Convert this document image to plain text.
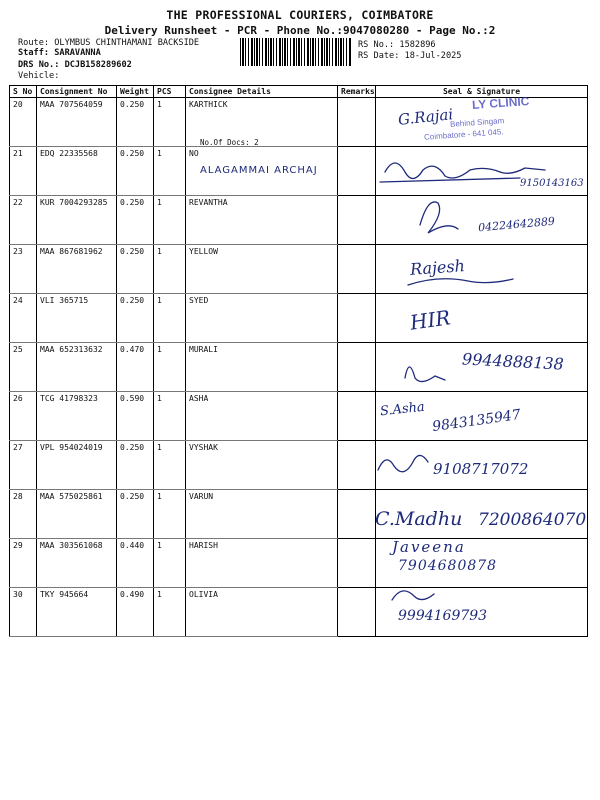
THE PROFESSIONAL COURIERS, COIMBATORE
Delivery Runsheet - PCR - Phone No.:9047080280 - Page No.:2
Route: OLYMBUS CHINTHAMANI BACKSIDE
Staff: SARAVANNA
DRS No.: DCJB158289602
Vehicle:
RS No.: 1582896
RS Date: 18-Jul-2025
S No	Consignment No	Weight	PCS	Consignee Details	Remarks	Seal & Signature
20	MAA 707564059	0.250	1	KARTHICK		
21	EDQ 22335568	0.250	1	NO		
22	KUR 7004293285	0.250	1	REVANTHA		
23	MAA 867681962	0.250	1	YELLOW		
24	VLI 365715	0.250	1	SYED		
25	MAA 652313632	0.470	1	MURALI		
26	TCG 41798323	0.590	1	ASHA		
27	VPL 954024019	0.250	1	VYSHAK		
28	MAA 575025861	0.250	1	VARUN		
29	MAA 303561068	0.440	1	HARISH		
30	TKY 945664	0.490	1	OLIVIA		
No.Of Docs: 2
LY CLINIC
Behind Singam
Coimbatore - 641 045.
ALAGAMMAI ARCHAJ
G.Rajai
9150143163
04224642889
Rajesh
HIR
9944888138
S.Asha 9843135947
9108717072
C.Madhu 7200864070
Javeena
7904680878
9994169793
